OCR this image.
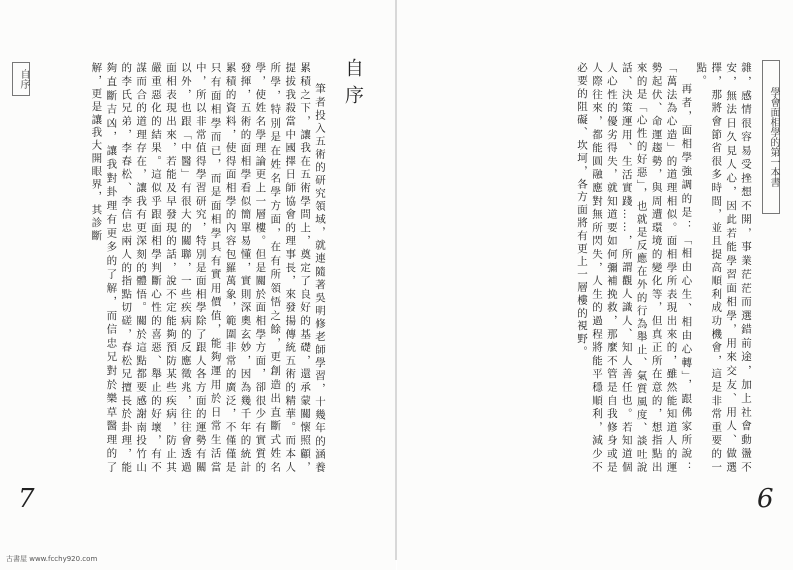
自序

筆者投入五術的研究領域，就連隨著吳明修老師學習，十幾年的涵養累積之下，讓我在五術學問上，奠定了良好的基礎，還承蒙關懷照顧，提拔我殺當中國擇日師協會的理事長，來發揚傳統五術的精華。而本人所學，特別是在姓名學方面，在有所領悟之餘，更創造出直斷式姓名學，使姓名學理論更上一層樓。但是關於面相學方面，卻很少有實質的發揮，五術的面相學看似簡單易懂，實則深奧玄妙，因為幾千年的統計累積的資料，使得面相學的內容包羅萬象，範圍非常的廣泛，不僅僅是只有面相學而已，而是面相學具有實用價值，能夠運用於日常生活當中，所以非常值得學習研究，特別是面相學除了跟人各方面的運勢有關以外，也跟「中醫」有很大的關聯，一些疾病的反應徵兆，往往會透過面相表現出來，若能及早發現的話，說不定能夠預防某些疾病，防止其嚴重惡化的結果。這似乎跟面相學判斷心性的喜惡、舉止的好壞，有不謀而合的道理存在，讓我有更深刻的體悟。關於這點都要感謝南投竹山的李氏兄弟，李春松、李信忠兩人的指點切磋，春松兄擅長於卦理，能夠直斷吉凶，讓我對卦理有更多的了解，而信忠兄對於樂草醫理的了解，更是讓我大開眼界，其診斷	自序
7
古書屋 www.fcchy920.com

雜，感情很容易受挫想不開，事業茫茫而選錯前途，加上社會動盪不安，無法日久見人心，因此若能學習面相學，用來交友、用人、做選擇，那將會節省很多時間，並且提高順利成功機會，這是非常重要的一點。

再者，面相學強調的是：「相由心生、相由心轉」，跟佛家所說：「萬法為心造」的道理相似。面相學所表現出來的，雖然能知道人的運勢起伏、命運趨勢，與周遭環境的變化等，但真正所在意的，想指點出來的是「心性的好惡」，也就是反應在外的行為舉止、氣質風度、談吐說話、決策運用、生活實踐……，所謂觀人識人、知人善任也。若知道個人心性的優劣得失，就知道要如何彌補挽救，那麼不管是自我修身或是人際往來，都能圓融應對無所閃失，人生的過程將能平穩順利，減少不必要的阻礙、坎坷，各方面將有更上一層樓的視野。	學會面相學的第一本書
6
